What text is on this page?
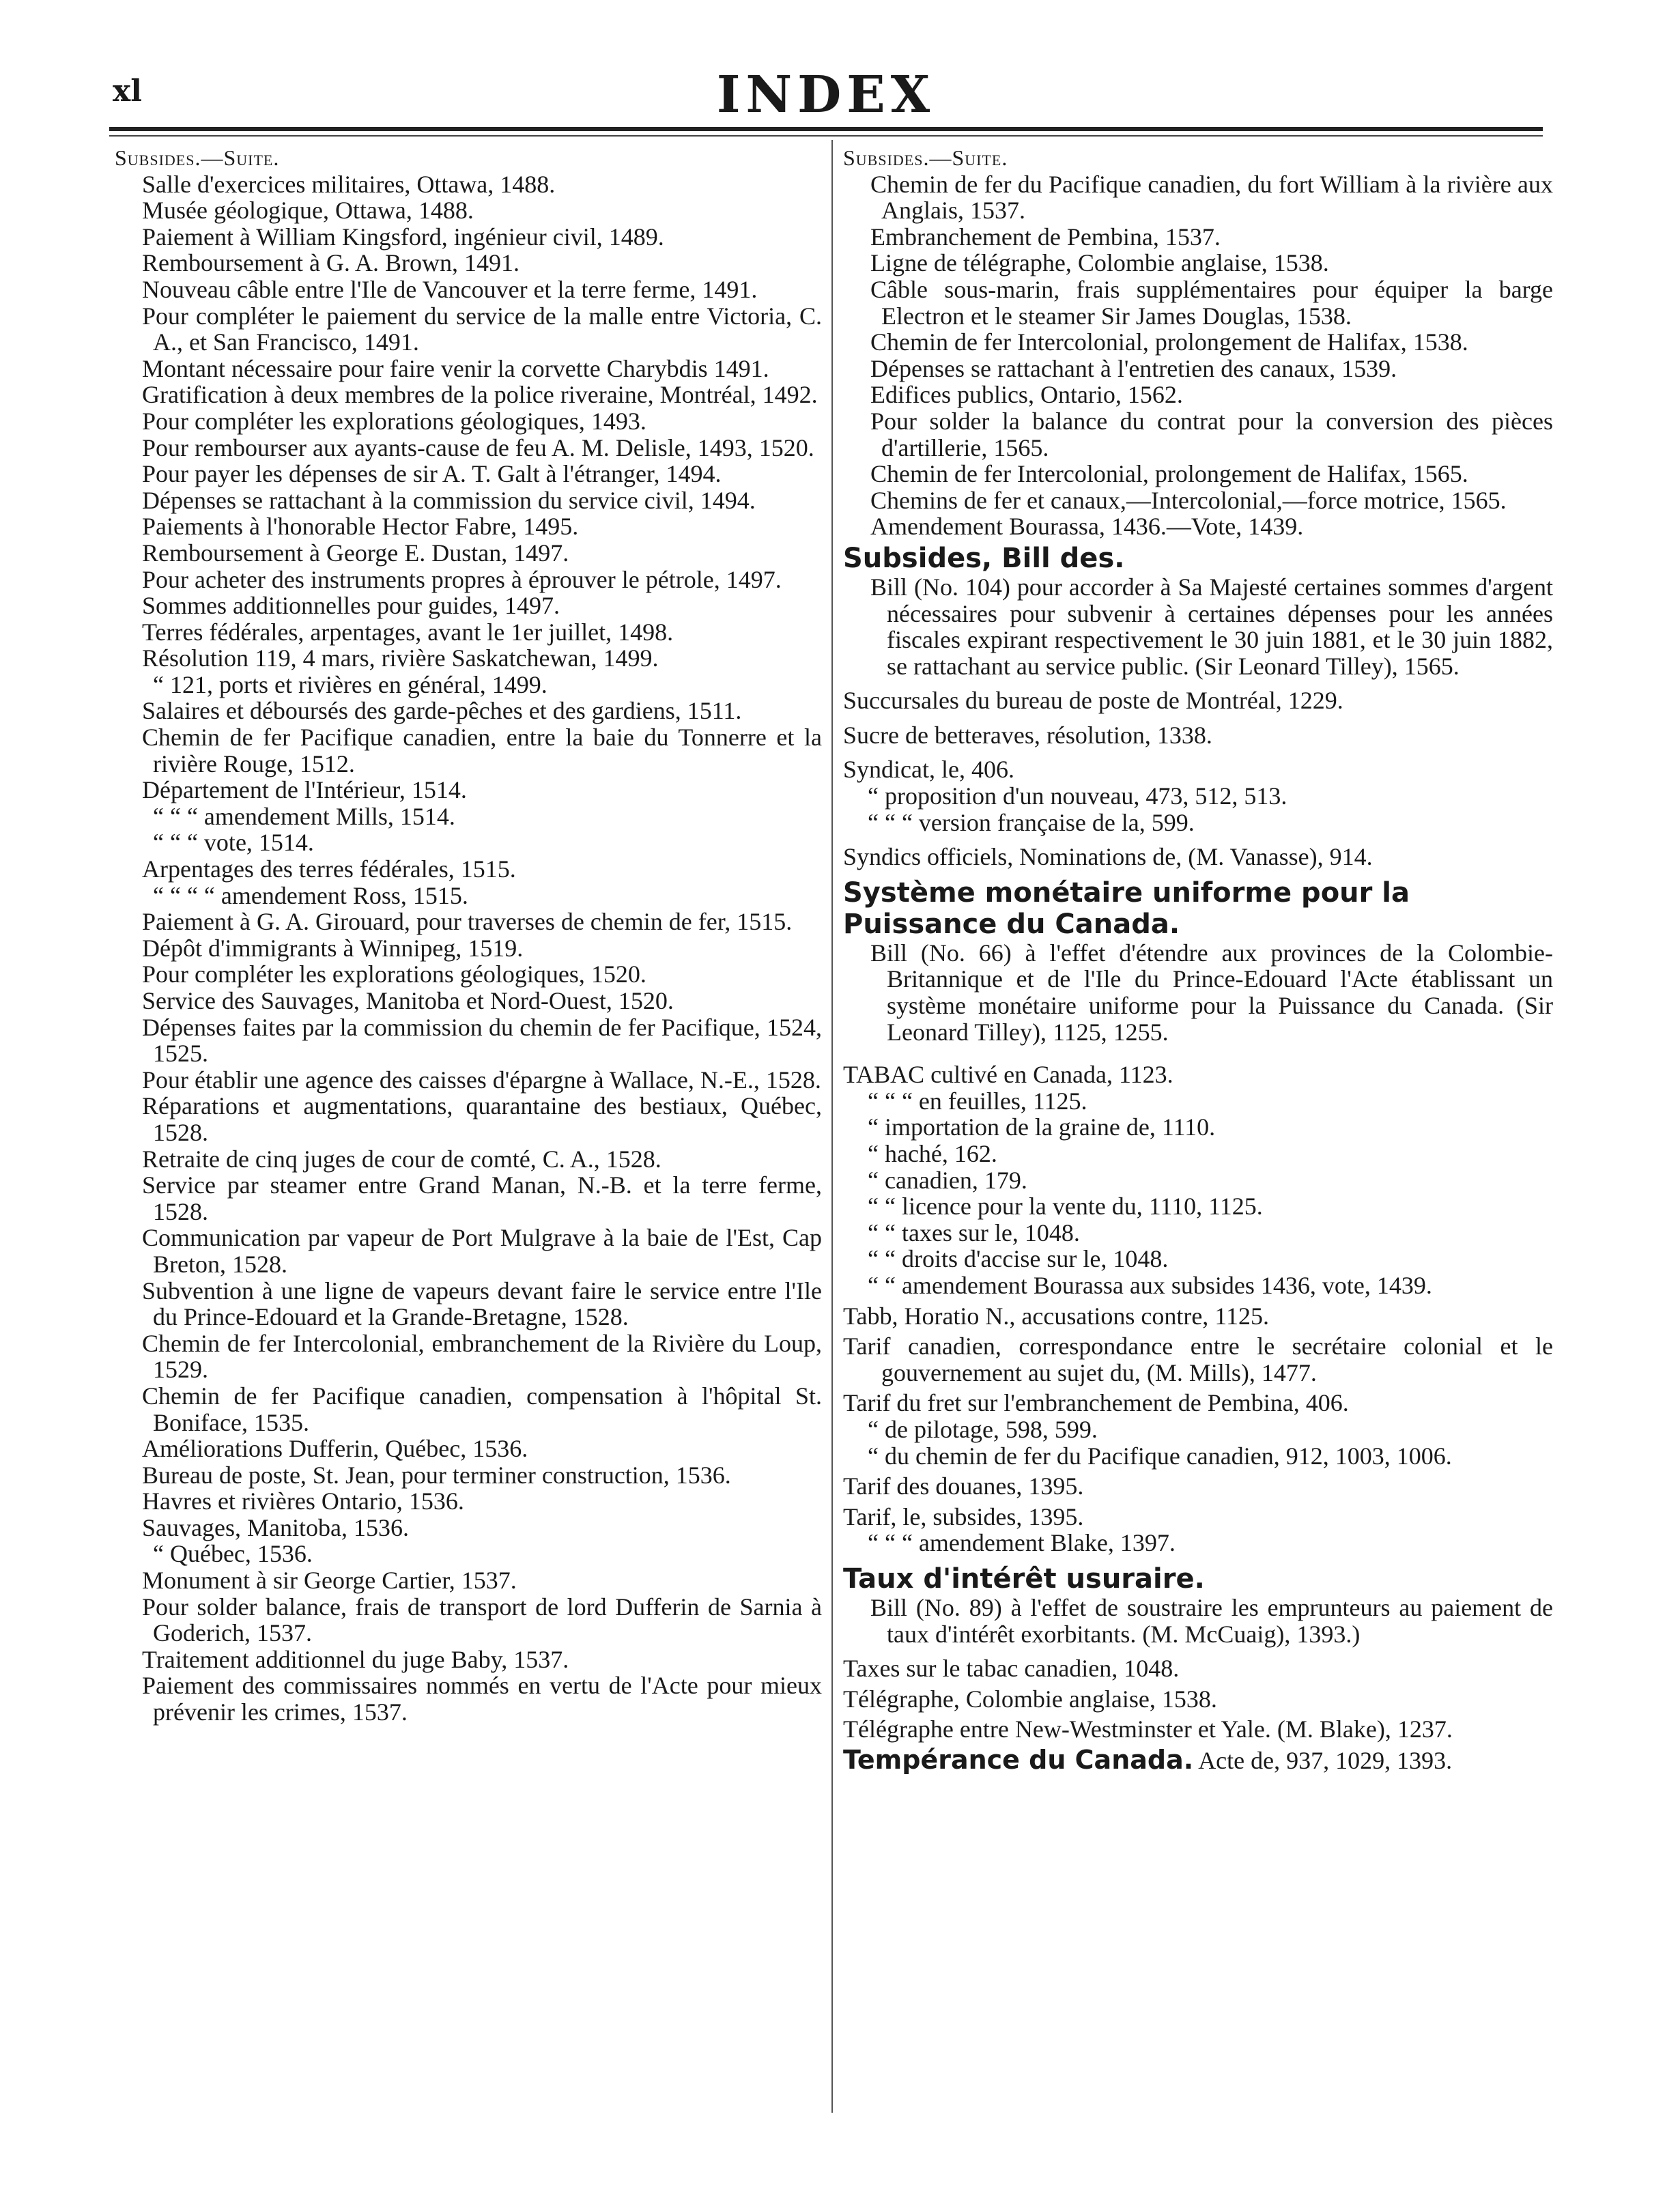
xl	INDEX

Subsides.—Suite.

Salle d'exercices militaires, Ottawa, 1488.

Musée géologique, Ottawa, 1488.

Paiement à William Kingsford, ingénieur civil, 1489.

Remboursement à G. A. Brown, 1491.

Nouveau câble entre l'Ile de Vancouver et la terre ferme, 1491.

Pour compléter le paiement du service de la malle entre Victoria, C. A., et San Francisco, 1491.

Montant nécessaire pour faire venir la corvette Charybdis 1491.

Gratification à deux membres de la police riveraine, Montréal, 1492.

Pour compléter les explorations géologiques, 1493.

Pour rembourser aux ayants-cause de feu A. M. Delisle, 1493, 1520.

Pour payer les dépenses de sir A. T. Galt à l'étranger, 1494.

Dépenses se rattachant à la commission du service civil, 1494.

Paiements à l'honorable Hector Fabre, 1495.

Remboursement à George E. Dustan, 1497.

Pour acheter des instruments propres à éprouver le pétrole, 1497.

Sommes additionnelles pour guides, 1497.

Terres fédérales, arpentages, avant le 1er juillet, 1498.

Résolution 119, 4 mars, rivière Saskatchewan, 1499.

“ 121, ports et rivières en général, 1499.

Salaires et déboursés des garde-pêches et des gardiens, 1511.

Chemin de fer Pacifique canadien, entre la baie du Tonnerre et la rivière Rouge, 1512.

Département de l'Intérieur, 1514.

“ “ “ amendement Mills, 1514.

“ “ “ vote, 1514.

Arpentages des terres fédérales, 1515.

“ “ “ “ amendement Ross, 1515.

Paiement à G. A. Girouard, pour traverses de chemin de fer, 1515.

Dépôt d'immigrants à Winnipeg, 1519.

Pour compléter les explorations géologiques, 1520.

Service des Sauvages, Manitoba et Nord-Ouest, 1520.

Dépenses faites par la commission du chemin de fer Pacifique, 1524, 1525.

Pour établir une agence des caisses d'épargne à Wallace, N.-E., 1528.

Réparations et augmentations, quarantaine des bestiaux, Québec, 1528.

Retraite de cinq juges de cour de comté, C. A., 1528.

Service par steamer entre Grand Manan, N.-B. et la terre ferme, 1528.

Communication par vapeur de Port Mulgrave à la baie de l'Est, Cap Breton, 1528.

Subvention à une ligne de vapeurs devant faire le service entre l'Ile du Prince-Edouard et la Grande-Bretagne, 1528.

Chemin de fer Intercolonial, embranchement de la Rivière du Loup, 1529.

Chemin de fer Pacifique canadien, compensation à l'hôpital St. Boniface, 1535.

Améliorations Dufferin, Québec, 1536.

Bureau de poste, St. Jean, pour terminer construction, 1536.

Havres et rivières Ontario, 1536.

Sauvages, Manitoba, 1536.

“ Québec, 1536.

Monument à sir George Cartier, 1537.

Pour solder balance, frais de transport de lord Dufferin de Sarnia à Goderich, 1537.

Traitement additionnel du juge Baby, 1537.

Paiement des commissaires nommés en vertu de l'Acte pour mieux prévenir les crimes, 1537.

Subsides.—Suite.

Chemin de fer du Pacifique canadien, du fort William à la rivière aux Anglais, 1537.

Embranchement de Pembina, 1537.

Ligne de télégraphe, Colombie anglaise, 1538.

Câble sous-marin, frais supplémentaires pour équiper la barge Electron et le steamer Sir James Douglas, 1538.

Chemin de fer Intercolonial, prolongement de Halifax, 1538.

Dépenses se rattachant à l'entretien des canaux, 1539.

Edifices publics, Ontario, 1562.

Pour solder la balance du contrat pour la conversion des pièces d'artillerie, 1565.

Chemin de fer Intercolonial, prolongement de Halifax, 1565.

Chemins de fer et canaux,—Intercolonial,—force motrice, 1565.

Amendement Bourassa, 1436.—Vote, 1439.

Subsides, Bill des.

Bill (No. 104) pour accorder à Sa Majesté certaines sommes d'argent nécessaires pour subvenir à certaines dépenses pour les années fiscales expirant respectivement le 30 juin 1881, et le 30 juin 1882, se rattachant au service public. (Sir Leonard Tilley), 1565.

Succursales du bureau de poste de Montréal, 1229.

Sucre de betteraves, résolution, 1338.

Syndicat, le, 406.

“ proposition d'un nouveau, 473, 512, 513.

“ “ “ version française de la, 599.

Syndics officiels, Nominations de, (M. Vanasse), 914.

Système monétaire uniforme pour la Puissance du Canada.

Bill (No. 66) à l'effet d'étendre aux provinces de la Colombie-Britannique et de l'Ile du Prince-Edouard l'Acte établissant un système monétaire uniforme pour la Puissance du Canada. (Sir Leonard Tilley), 1125, 1255.

TABAC cultivé en Canada, 1123.

“ “ “ en feuilles, 1125.

“ importation de la graine de, 1110.

“ haché, 162.

“ canadien, 179.

“ “ licence pour la vente du, 1110, 1125.

“ “ taxes sur le, 1048.

“ “ droits d'accise sur le, 1048.

“ “ amendement Bourassa aux subsides 1436, vote, 1439.

Tabb, Horatio N., accusations contre, 1125.

Tarif canadien, correspondance entre le secrétaire colonial et le gouvernement au sujet du, (M. Mills), 1477.

Tarif du fret sur l'embranchement de Pembina, 406.

“ de pilotage, 598, 599.

“ du chemin de fer du Pacifique canadien, 912, 1003, 1006.

Tarif des douanes, 1395.

Tarif, le, subsides, 1395.

“ “ “ amendement Blake, 1397.

Taux d'intérêt usuraire.

Bill (No. 89) à l'effet de soustraire les emprunteurs au paiement de taux d'intérêt exorbitants. (M. McCuaig), 1393.)

Taxes sur le tabac canadien, 1048.

Télégraphe, Colombie anglaise, 1538.

Télégraphe entre New-Westminster et Yale. (M. Blake), 1237.

Tempérance du Canada. Acte de, 937, 1029, 1393.
